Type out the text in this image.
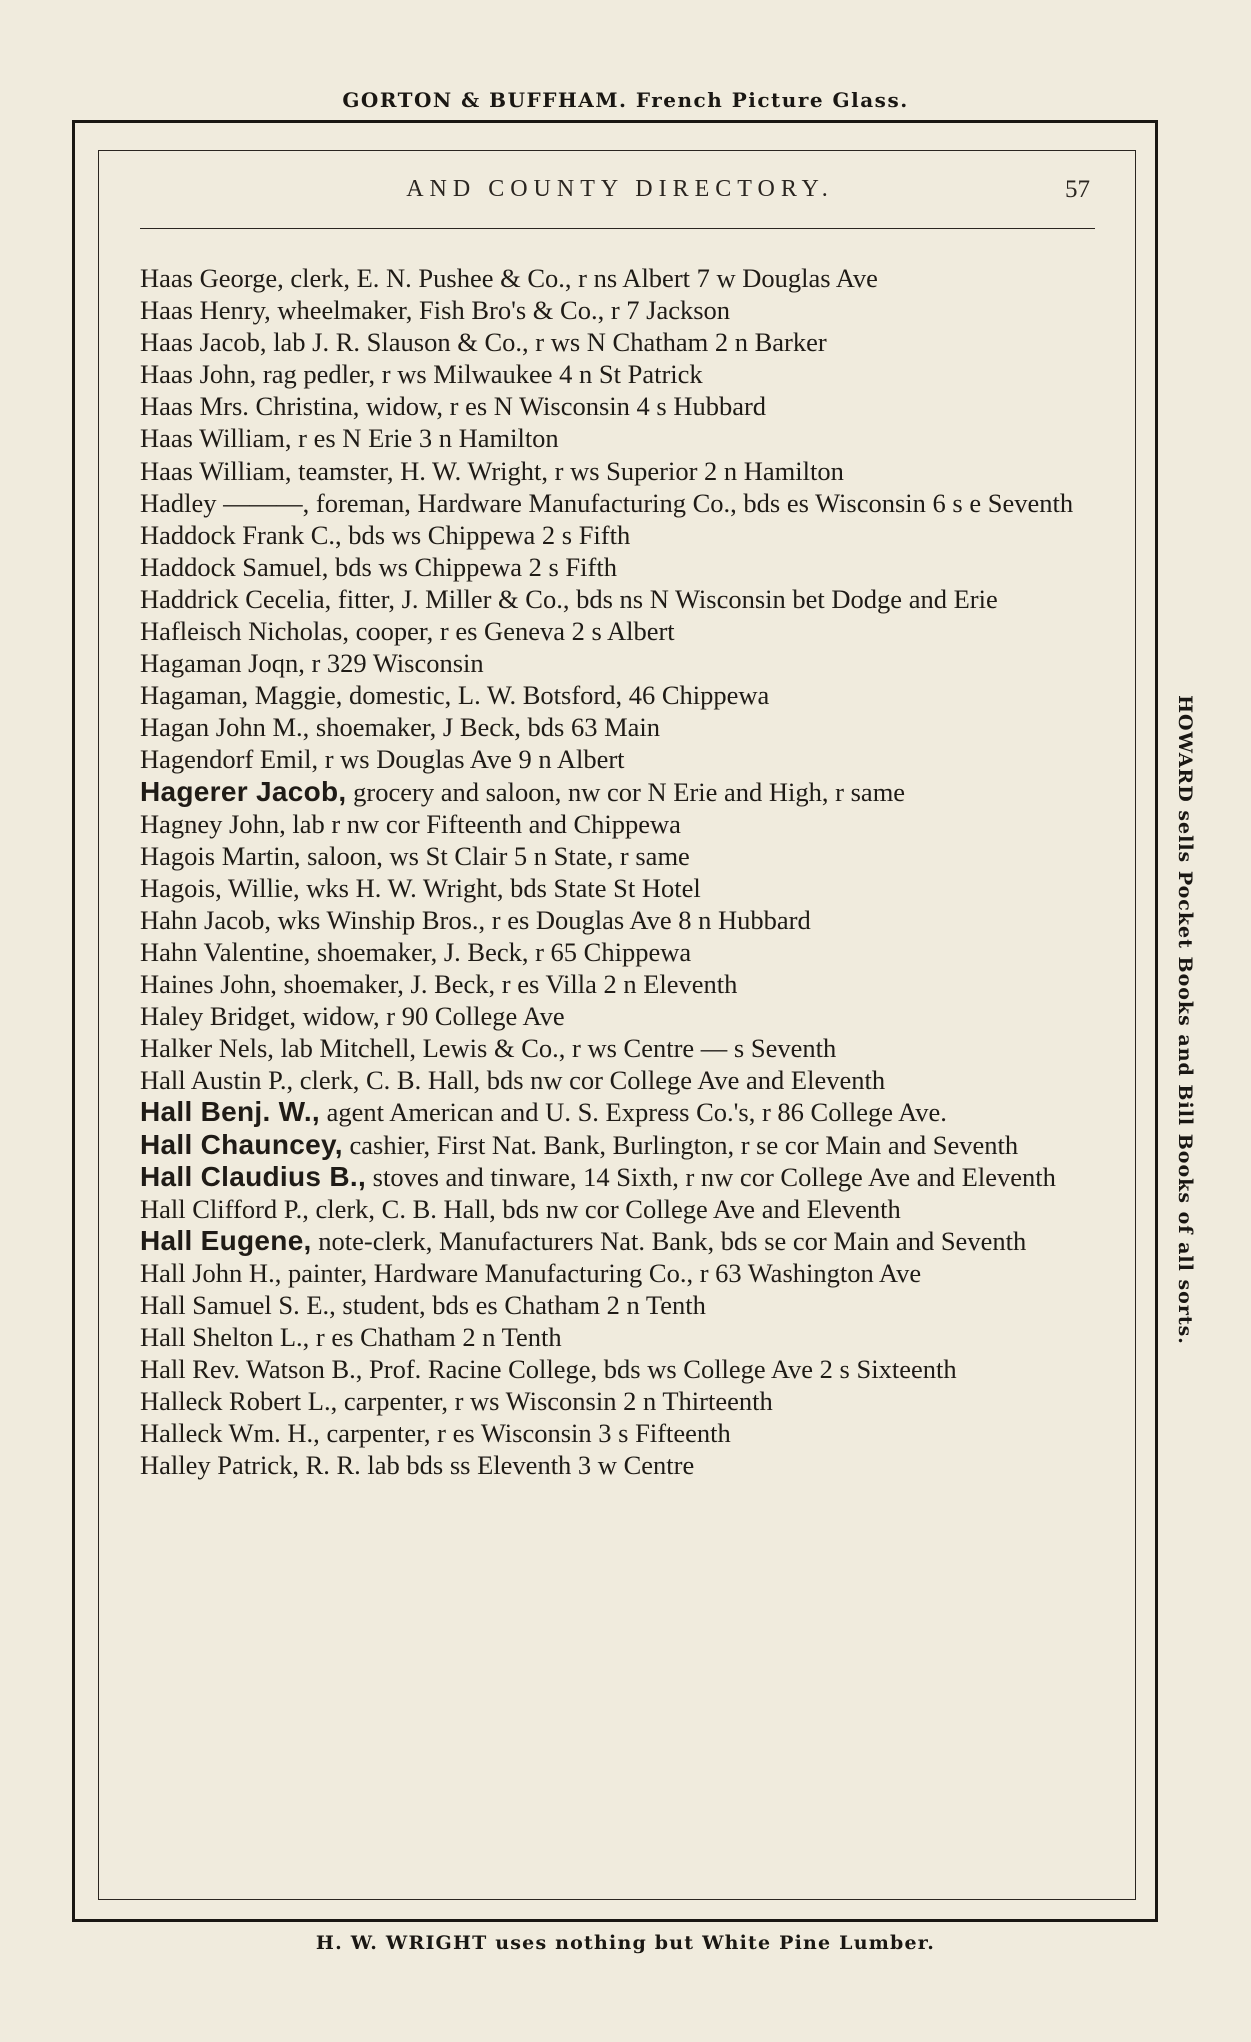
GORTON & BUFFHAM. French Picture Glass.
AND COUNTY DIRECTORY.	57
Haas George, clerk, E. N. Pushee & Co., r ns Albert 7 w Douglas Ave
Haas Henry, wheelmaker, Fish Bro's & Co., r 7 Jackson
Haas Jacob, lab J. R. Slauson & Co., r ws N Chatham 2 n Barker
Haas John, rag pedler, r ws Milwaukee 4 n St Patrick
Haas Mrs. Christina, widow, r es N Wisconsin 4 s Hubbard
Haas William, r es N Erie 3 n Hamilton
Haas William, teamster, H. W. Wright, r ws Superior 2 n Hamilton
Hadley ———, foreman, Hardware Manufacturing Co., bds es Wisconsin 6 s e Seventh
Haddock Frank C., bds ws Chippewa 2 s Fifth
Haddock Samuel, bds ws Chippewa 2 s Fifth
Haddrick Cecelia, fitter, J. Miller & Co., bds ns N Wisconsin bet Dodge and Erie
Hafleisch Nicholas, cooper, r es Geneva 2 s Albert
Hagaman Joqn, r 329 Wisconsin
Hagaman, Maggie, domestic, L. W. Botsford, 46 Chippewa
Hagan John M., shoemaker, J Beck, bds 63 Main
Hagendorf Emil, r ws Douglas Ave 9 n Albert
Hagerer Jacob, grocery and saloon, nw cor N Erie and High, r same
Hagney John, lab r nw cor Fifteenth and Chippewa
Hagois Martin, saloon, ws St Clair 5 n State, r same
Hagois, Willie, wks H. W. Wright, bds State St Hotel
Hahn Jacob, wks Winship Bros., r es Douglas Ave 8 n Hubbard
Hahn Valentine, shoemaker, J. Beck, r 65 Chippewa
Haines John, shoemaker, J. Beck, r es Villa 2 n Eleventh
Haley Bridget, widow, r 90 College Ave
Halker Nels, lab Mitchell, Lewis & Co., r ws Centre — s Seventh
Hall Austin P., clerk, C. B. Hall, bds nw cor College Ave and Eleventh
Hall Benj. W., agent American and U. S. Express Co.'s, r 86 College Ave.
Hall Chauncey, cashier, First Nat. Bank, Burlington, r se cor Main and Seventh
Hall Claudius B., stoves and tinware, 14 Sixth, r nw cor College Ave and Eleventh
Hall Clifford P., clerk, C. B. Hall, bds nw cor College Ave and Eleventh
Hall Eugene, note-clerk, Manufacturers Nat. Bank, bds se cor Main and Seventh
Hall John H., painter, Hardware Manufacturing Co., r 63 Washington Ave
Hall Samuel S. E., student, bds es Chatham 2 n Tenth
Hall Shelton L., r es Chatham 2 n Tenth
Hall Rev. Watson B., Prof. Racine College, bds ws College Ave 2 s Sixteenth
Halleck Robert L., carpenter, r ws Wisconsin 2 n Thirteenth
Halleck Wm. H., carpenter, r es Wisconsin 3 s Fifteenth
Halley Patrick, R. R. lab bds ss Eleventh 3 w Centre
HOWARD sells Pocket Books and Bill Books of all sorts.
H. W. WRIGHT uses nothing but White Pine Lumber.
